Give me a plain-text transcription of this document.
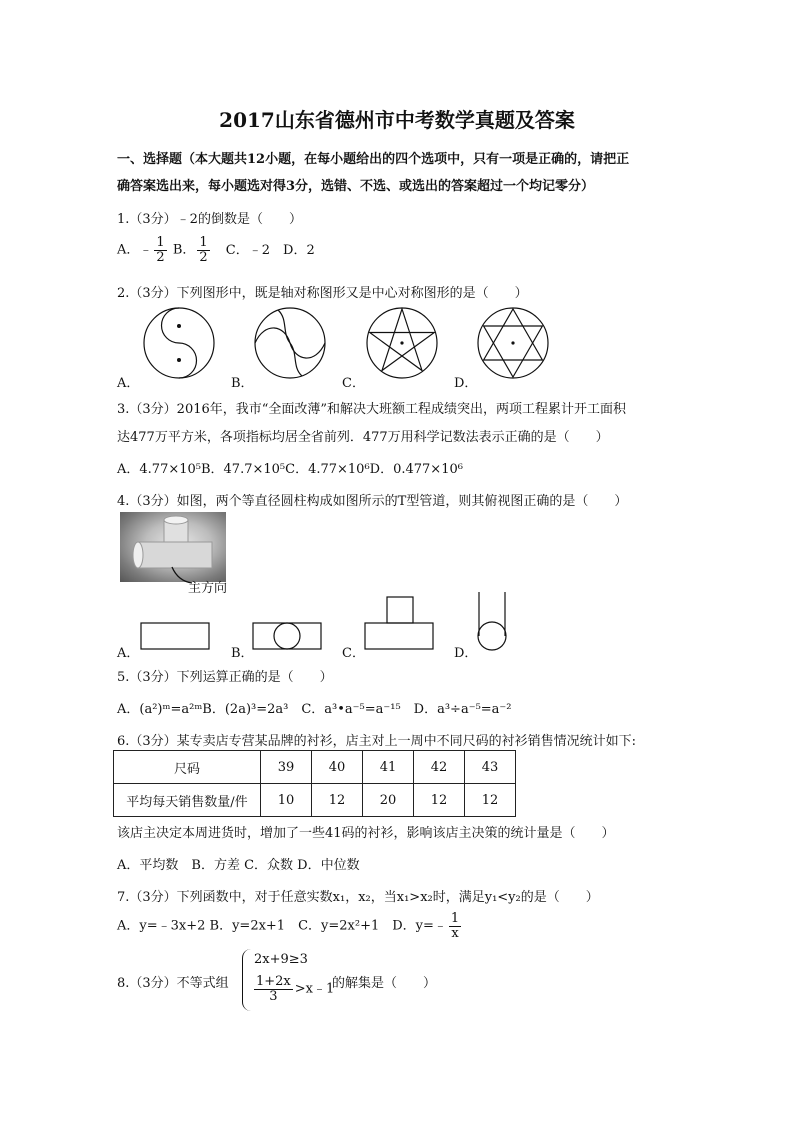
2017山东省德州市中考数学真题及答案
一、选择题（本大题共12小题，在每小题给出的四个选项中，只有一项是正确的，请把正
确答案选出来，每小题选对得3分，选错、不选、或选出的答案超过一个均记零分）
1.（3分）﹣2的倒数是（　　）
A．﹣ $\frac{1}{2}$ B． $\frac{1}{2}$ C．﹣2　D．2
2.（3分）下列图形中，既是轴对称图形又是中心对称图形的是（　　）
A．	B．	C．	D．
3.（3分）2016年，我市“全面改薄”和解决大班额工程成绩突出，两项工程累计开工面积
达477万平方米，各项指标均居全省前列．477万用科学记数法表示正确的是（　　）
A．4.77×10⁵B．47.7×10⁵C．4.77×10⁶D．0.477×10⁶
4.（3分）如图，两个等直径圆柱构成如图所示的T型管道，则其俯视图正确的是（　　）
主方向
A．	B．	C．	D．
5.（3分）下列运算正确的是（　　）
A．(a²)ᵐ=a²ᵐB．(2a)³=2a³　C．a³•a⁻⁵=a⁻¹⁵　D．a³÷a⁻⁵=a⁻²
6.（3分）某专卖店专营某品牌的衬衫，店主对上一周中不同尺码的衬衫销售情况统计如下:
尺码	39	40	41	42	43
平均每天销售数量/件	10	12	20	12	12
该店主决定本周进货时，增加了一些41码的衬衫，影响该店主决策的统计量是（　　）
A．平均数　B．方差 C．众数 D．中位数
7.（3分）下列函数中，对于任意实数x₁，x₂，当x₁>x₂时，满足y₁<y₂的是（　　）
A．y=﹣3x+2 B．y=2x+1　C．y=2x²+1　D．y=﹣ $\frac{1}{x}$
8.（3分）不等式组
2x+9≥3
$\frac{1+2x}{3}$ >x﹣1
的解集是（　　）
